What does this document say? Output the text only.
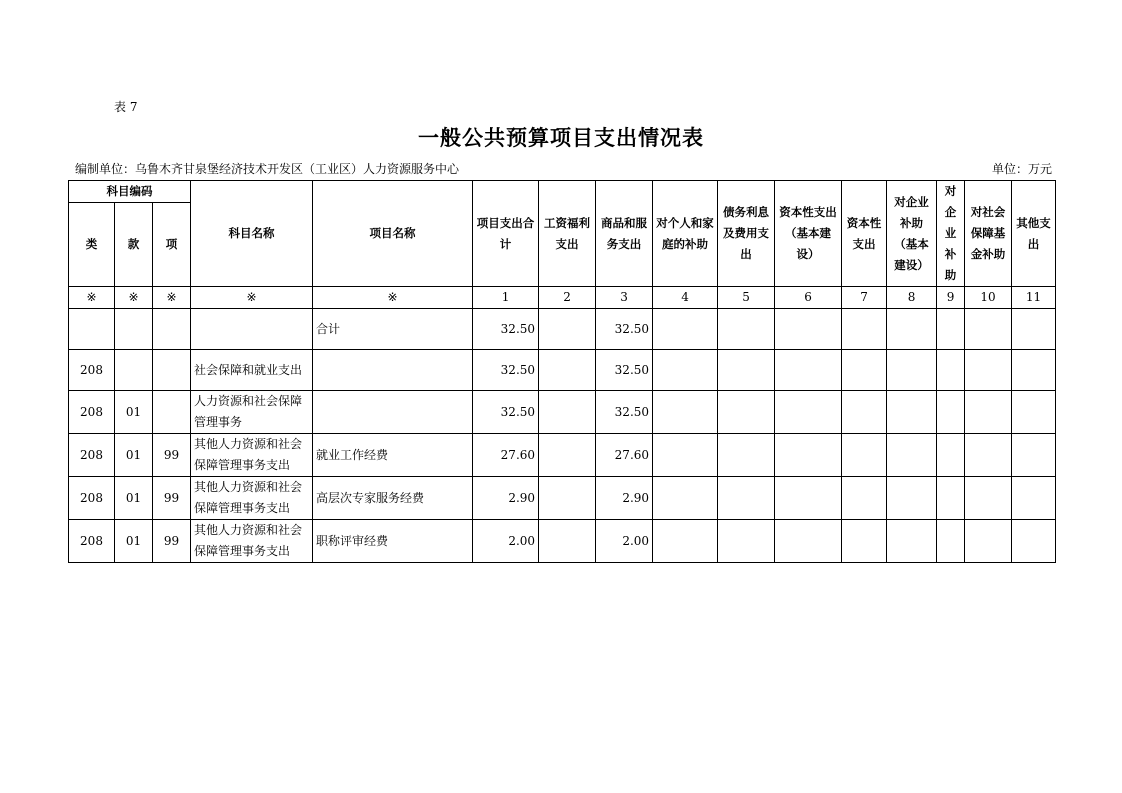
表 7
一般公共预算项目支出情况表
编制单位：乌鲁木齐甘泉堡经济技术开发区（工业区）人力资源服务中心	单位：万元
科目编码			科目名称	项目名称	项目支出合计	工资福利支出	商品和服务支出	对个人和家庭的补助	债务利息及费用支出	资本性支出（基本建设）	资本性支出	对企业补助（基本建设）	对企业补助	对社会保障基金补助	其他支出
类	款	项													
※	※	※	※	※	1	2	3	4	5	6	7	8	9	10	11
				合计	32.50		32.50								
208			社会保障和就业支出		32.50		32.50								
208	01		人力资源和社会保障管理事务		32.50		32.50								
208	01	99	其他人力资源和社会保障管理事务支出	就业工作经费	27.60		27.60								
208	01	99	其他人力资源和社会保障管理事务支出	高层次专家服务经费	2.90		2.90								
208	01	99	其他人力资源和社会保障管理事务支出	职称评审经费	2.00		2.00								
